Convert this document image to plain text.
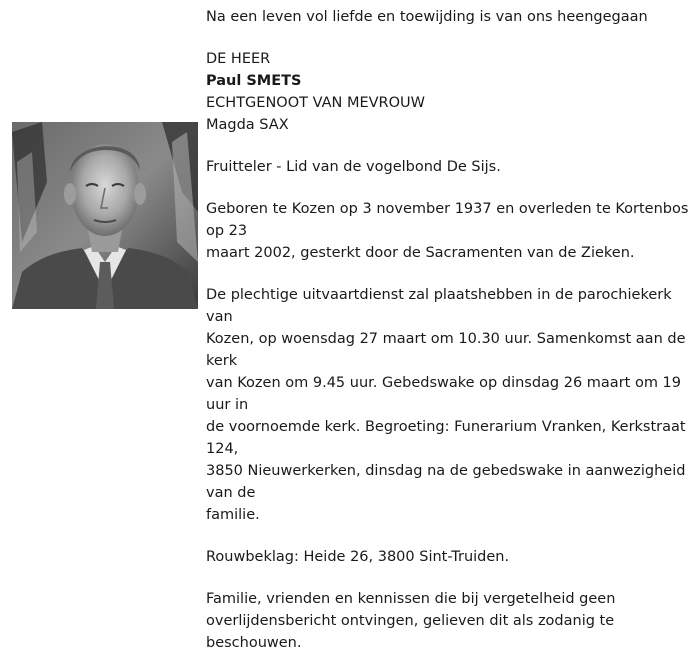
Na een leven vol liefde en toewijding is van ons heengegaan

DE HEER

Paul SMETS

ECHTGENOOT VAN MEVROUW

Magda SAX

Fruitteler - Lid van de vogelbond De Sijs.

Geboren te Kozen op 3 november 1937 en overleden te Kortenbos op 23
maart 2002, gesterkt door de Sacramenten van de Zieken.

De plechtige uitvaartdienst zal plaatshebben in de parochiekerk van
Kozen, op woensdag 27 maart om 10.30 uur. Samenkomst aan de kerk
van Kozen om 9.45 uur. Gebedswake op dinsdag 26 maart om 19 uur in
de voornoemde kerk. Begroeting: Funerarium Vranken, Kerkstraat 124,
3850 Nieuwerkerken, dinsdag na de gebedswake in aanwezigheid van de
familie.

Rouwbeklag: Heide 26, 3800 Sint-Truiden.

Familie, vrienden en kennissen die bij vergetelheid geen
overlijdensbericht ontvingen, gelieven dit als zodanig te beschouwen.
